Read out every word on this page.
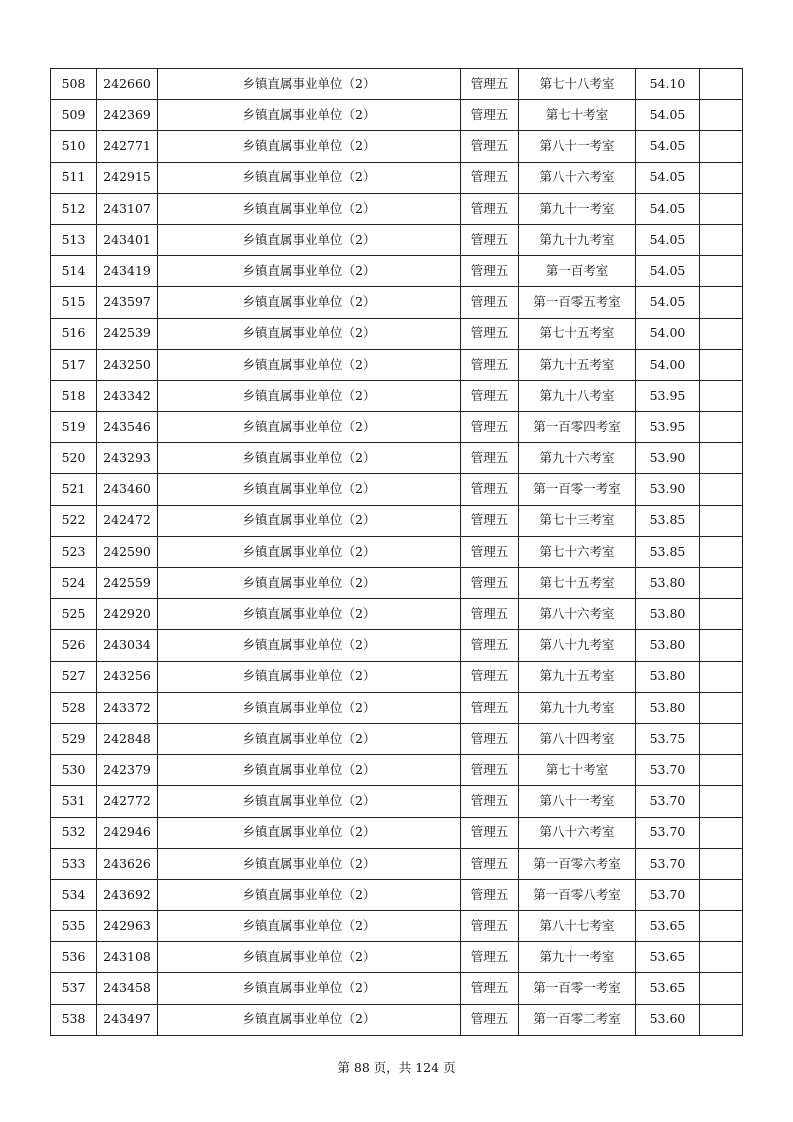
508	242660	乡镇直属事业单位（2）	管理五	第七十八考室	54.10	
509	242369	乡镇直属事业单位（2）	管理五	第七十考室	54.05	
510	242771	乡镇直属事业单位（2）	管理五	第八十一考室	54.05	
511	242915	乡镇直属事业单位（2）	管理五	第八十六考室	54.05	
512	243107	乡镇直属事业单位（2）	管理五	第九十一考室	54.05	
513	243401	乡镇直属事业单位（2）	管理五	第九十九考室	54.05	
514	243419	乡镇直属事业单位（2）	管理五	第一百考室	54.05	
515	243597	乡镇直属事业单位（2）	管理五	第一百零五考室	54.05	
516	242539	乡镇直属事业单位（2）	管理五	第七十五考室	54.00	
517	243250	乡镇直属事业单位（2）	管理五	第九十五考室	54.00	
518	243342	乡镇直属事业单位（2）	管理五	第九十八考室	53.95	
519	243546	乡镇直属事业单位（2）	管理五	第一百零四考室	53.95	
520	243293	乡镇直属事业单位（2）	管理五	第九十六考室	53.90	
521	243460	乡镇直属事业单位（2）	管理五	第一百零一考室	53.90	
522	242472	乡镇直属事业单位（2）	管理五	第七十三考室	53.85	
523	242590	乡镇直属事业单位（2）	管理五	第七十六考室	53.85	
524	242559	乡镇直属事业单位（2）	管理五	第七十五考室	53.80	
525	242920	乡镇直属事业单位（2）	管理五	第八十六考室	53.80	
526	243034	乡镇直属事业单位（2）	管理五	第八十九考室	53.80	
527	243256	乡镇直属事业单位（2）	管理五	第九十五考室	53.80	
528	243372	乡镇直属事业单位（2）	管理五	第九十九考室	53.80	
529	242848	乡镇直属事业单位（2）	管理五	第八十四考室	53.75	
530	242379	乡镇直属事业单位（2）	管理五	第七十考室	53.70	
531	242772	乡镇直属事业单位（2）	管理五	第八十一考室	53.70	
532	242946	乡镇直属事业单位（2）	管理五	第八十六考室	53.70	
533	243626	乡镇直属事业单位（2）	管理五	第一百零六考室	53.70	
534	243692	乡镇直属事业单位（2）	管理五	第一百零八考室	53.70	
535	242963	乡镇直属事业单位（2）	管理五	第八十七考室	53.65	
536	243108	乡镇直属事业单位（2）	管理五	第九十一考室	53.65	
537	243458	乡镇直属事业单位（2）	管理五	第一百零一考室	53.65	
538	243497	乡镇直属事业单位（2）	管理五	第一百零二考室	53.60	
第 88 页，共 124 页
